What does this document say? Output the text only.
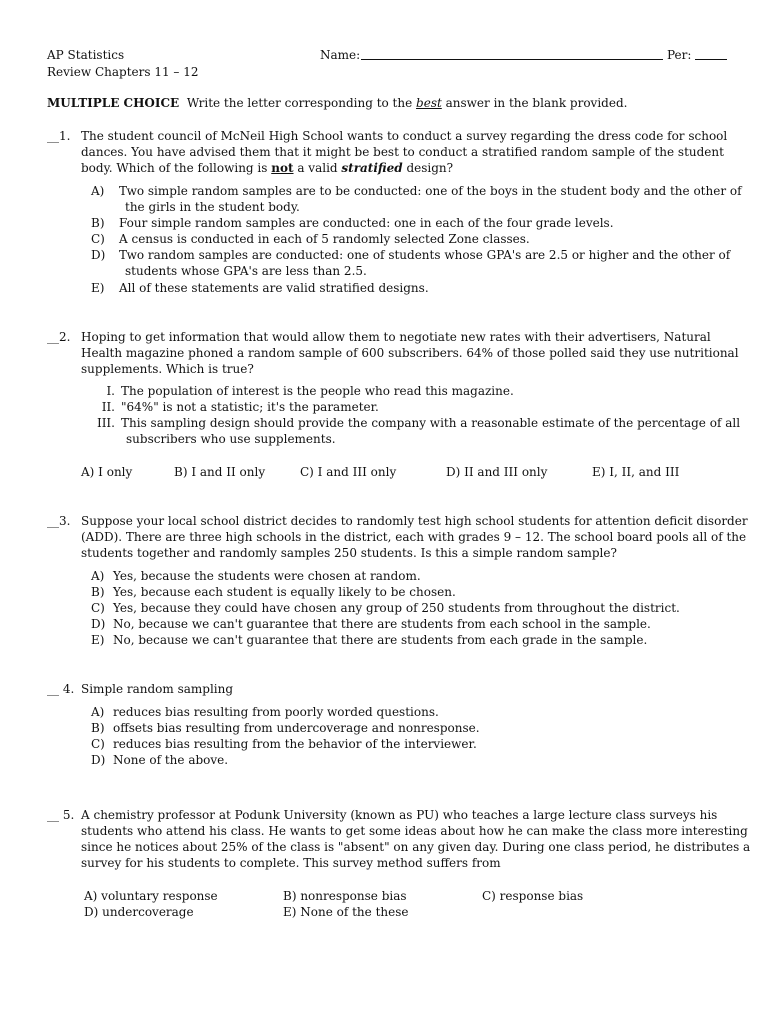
AP Statistics
Review Chapters 11 – 12
Name:	Per:
MULTIPLE CHOICE Write the letter corresponding to the best answer in the blank provided.
__1. The student council of McNeil High School wants to conduct a survey regarding the dress code for school
dances. You have advised them that it might be best to conduct a stratified random sample of the student
body. Which of the following is not a valid stratified design?
A) Two simple random samples are to be conducted: one of the boys in the student body and the other of
the girls in the student body.
B) Four simple random samples are conducted: one in each of the four grade levels.
C) A census is conducted in each of 5 randomly selected Zone classes.
D) Two random samples are conducted: one of students whose GPA's are 2.5 or higher and the other of
students whose GPA's are less than 2.5.
E) All of these statements are valid stratified designs.
__2. Hoping to get information that would allow them to negotiate new rates with their advertisers, Natural
Health magazine phoned a random sample of 600 subscribers. 64% of those polled said they use nutritional
supplements. Which is true?
I. The population of interest is the people who read this magazine.
II. "64%" is not a statistic; it's the parameter.
III. This sampling design should provide the company with a reasonable estimate of the percentage of all
subscribers who use supplements.
A) I only	B) I and II only	C) I and III only	D) II and III only	E) I, II, and III
__3. Suppose your local school district decides to randomly test high school students for attention deficit disorder
(ADD). There are three high schools in the district, each with grades 9 – 12. The school board pools all of the
students together and randomly samples 250 students. Is this a simple random sample?
A) Yes, because the students were chosen at random.
B) Yes, because each student is equally likely to be chosen.
C) Yes, because they could have chosen any group of 250 students from throughout the district.
D) No, because we can't guarantee that there are students from each school in the sample.
E) No, because we can't guarantee that there are students from each grade in the sample.
__ 4. Simple random sampling
A) reduces bias resulting from poorly worded questions.
B) offsets bias resulting from undercoverage and nonresponse.
C) reduces bias resulting from the behavior of the interviewer.
D) None of the above.
__ 5. A chemistry professor at Podunk University (known as PU) who teaches a large lecture class surveys his
students who attend his class. He wants to get some ideas about how he can make the class more interesting
since he notices about 25% of the class is "absent" on any given day. During one class period, he distributes a
survey for his students to complete. This survey method suffers from
A) voluntary response	B) nonresponse bias	C) response bias
D) undercoverage	E) None of the these
